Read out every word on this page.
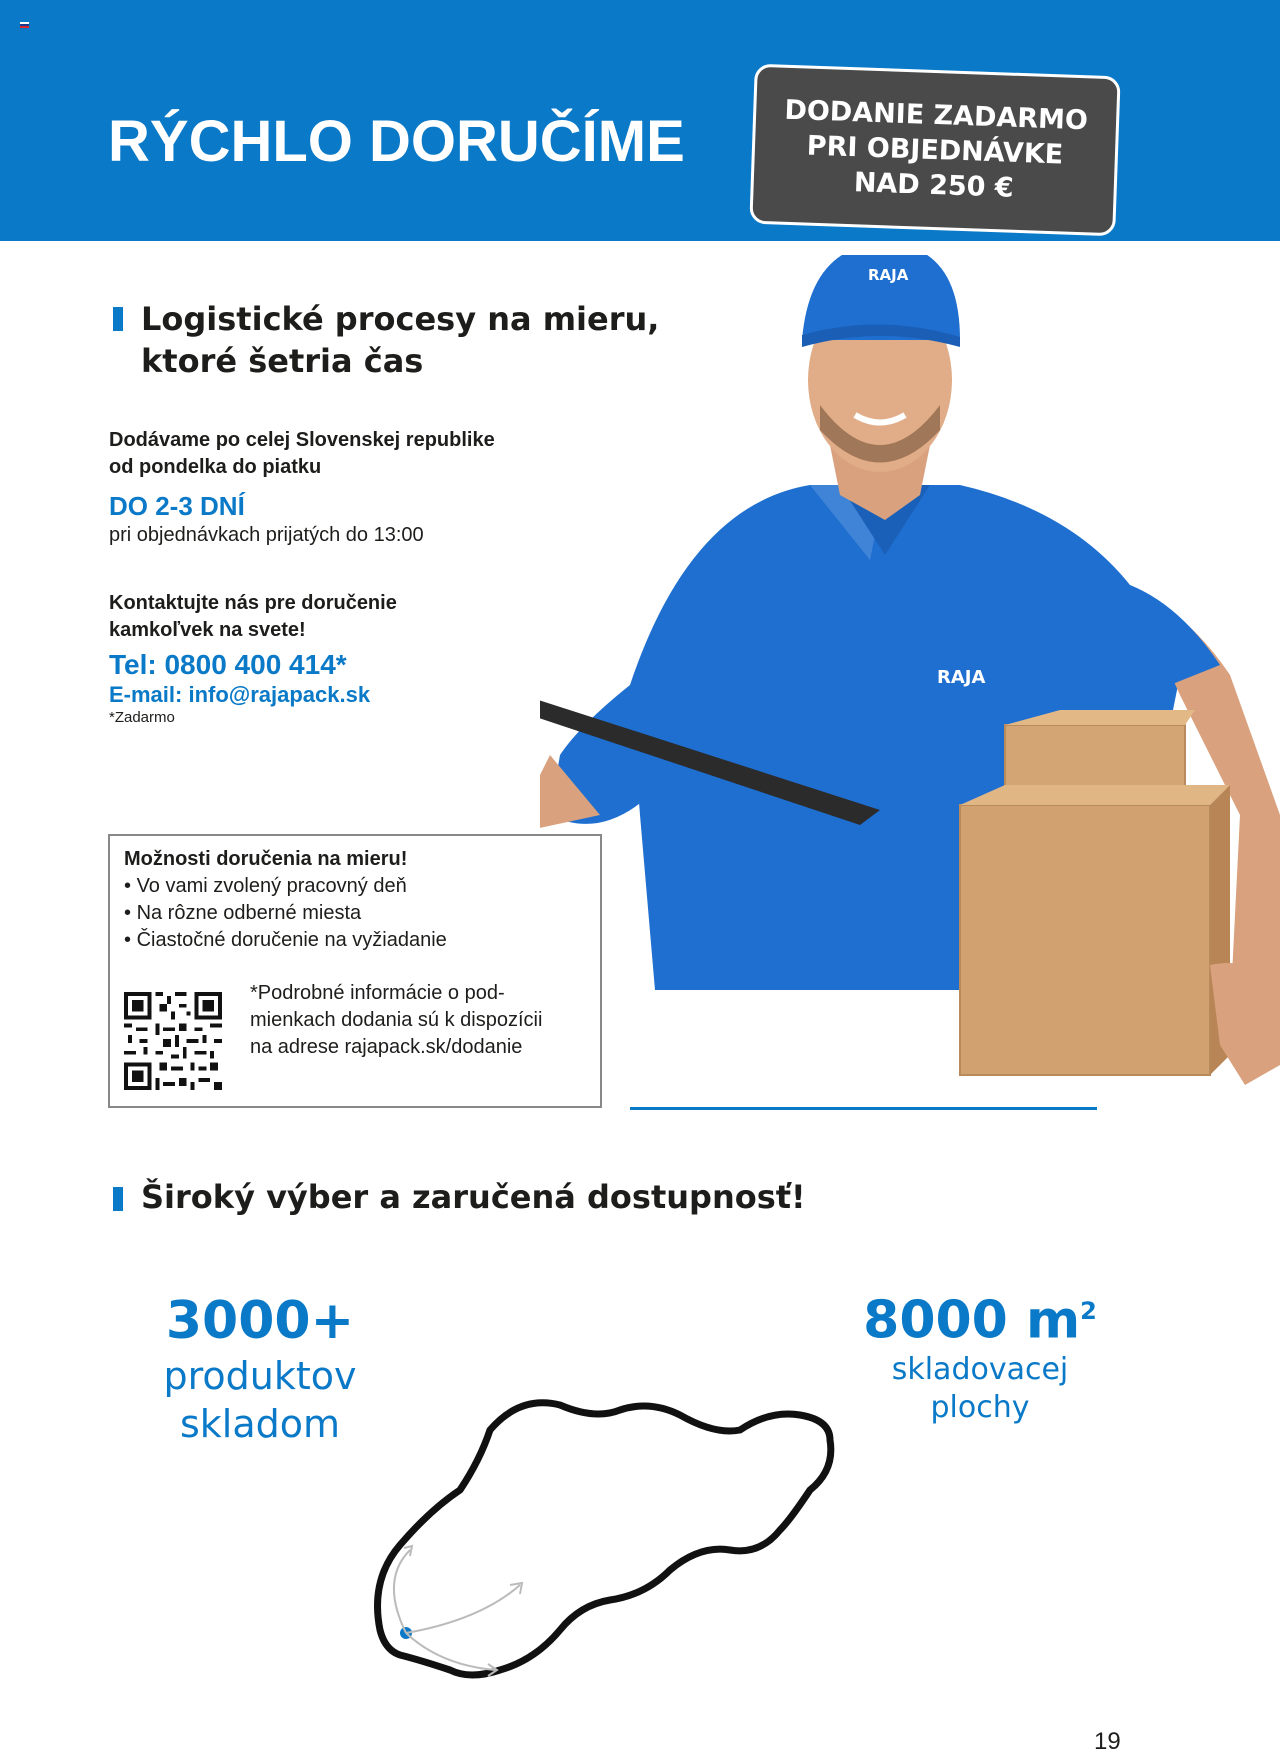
RÝCHLO DORUČÍME	DODANIE ZADARMO
PRI OBJEDNÁVKE
NAD 250 €
Logistické procesy na mieru,
ktoré šetria čas
Dodávame po celej Slovenskej republike
od pondelka do piatku
DO 2-3 DNÍ
pri objednávkach prijatých do 13:00
Kontaktujte nás pre doručenie
kamkoľvek na svete!
Tel: 0800 400 414*
E-mail: info@rajapack.sk
*Zadarmo
Možnosti doručenia na mieru!
• Vo vami zvolený pracovný deň
• Na rôzne odberné miesta
• Čiastočné doručenie na vyžiadanie
*Podrobné informácie o pod-
mienkach dodania sú k dispozícii
na adrese rajapack.sk/dodanie
RAJA
RAJA
Široký výber a zaručená dostupnosť!
3000+
produktov
skladom
8000 $m^2$
skladovacej
plochy
19
